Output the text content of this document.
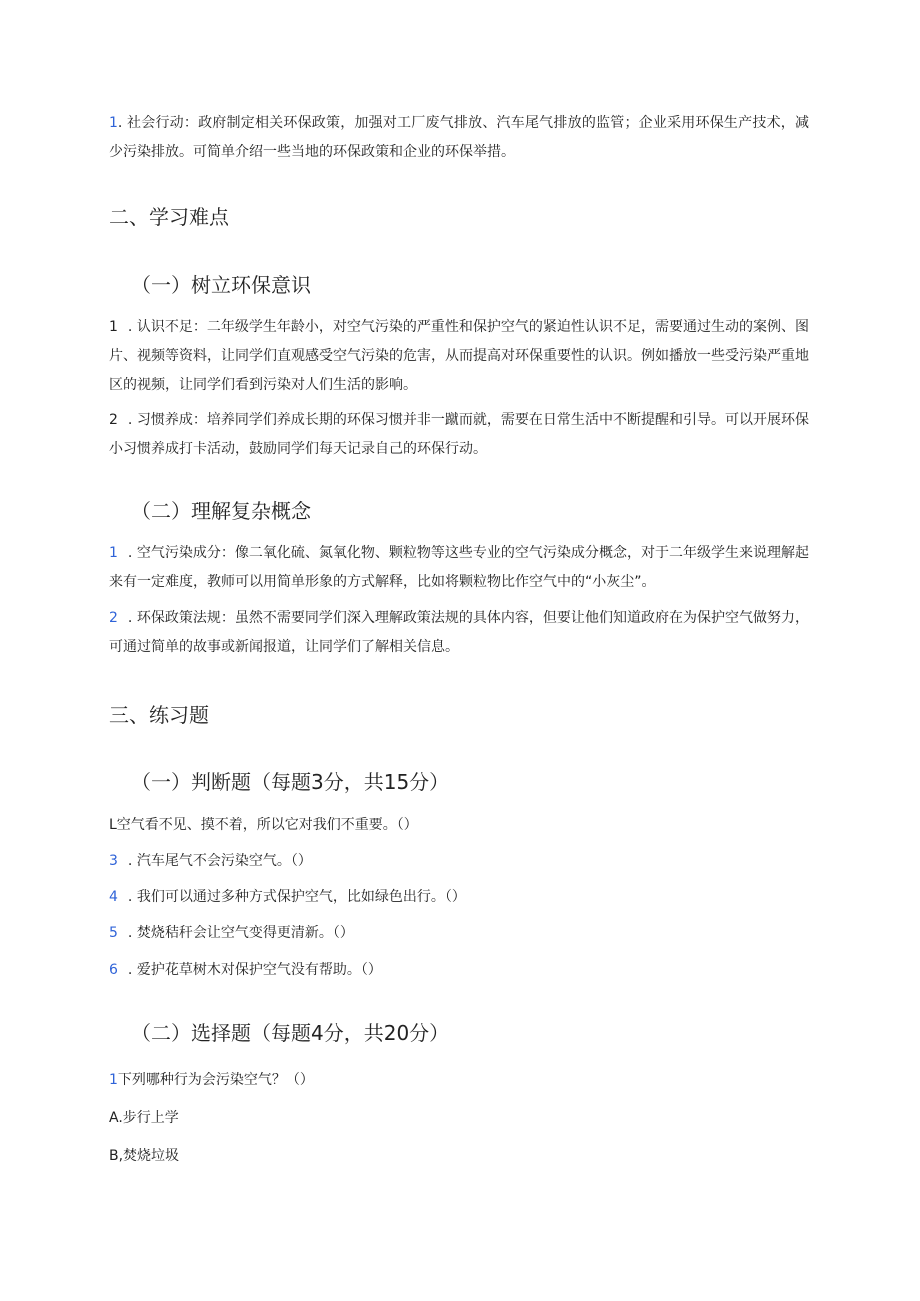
1. 社会行动：政府制定相关环保政策，加强对工厂废气排放、汽车尾气排放的监管；企业采用环保生产技术，减少污染排放。可简单介绍一些当地的环保政策和企业的环保举措。
二、学习难点
（一）树立环保意识
1 . 认识不足：二年级学生年龄小，对空气污染的严重性和保护空气的紧迫性认识不足，需要通过生动的案例、图片、视频等资料，让同学们直观感受空气污染的危害，从而提高对环保重要性的认识。例如播放一些受污染严重地区的视频，让同学们看到污染对人们生活的影响。
2 . 习惯养成：培养同学们养成长期的环保习惯并非一蹴而就，需要在日常生活中不断提醒和引导。可以开展环保小习惯养成打卡活动，鼓励同学们每天记录自己的环保行动。
（二）理解复杂概念
1 . 空气污染成分：像二氧化硫、氮氧化物、颗粒物等这些专业的空气污染成分概念，对于二年级学生来说理解起来有一定难度，教师可以用简单形象的方式解释，比如将颗粒物比作空气中的“小灰尘”。
2 . 环保政策法规：虽然不需要同学们深入理解政策法规的具体内容，但要让他们知道政府在为保护空气做努力，可通过简单的故事或新闻报道，让同学们了解相关信息。
三、练习题
（一）判断题（每题3分，共15分）
L空气看不见、摸不着，所以它对我们不重要。（）
3 . 汽车尾气不会污染空气。（）
4 . 我们可以通过多种方式保护空气，比如绿色出行。（）
5 . 焚烧秸秆会让空气变得更清新。（）
6 . 爱护花草树木对保护空气没有帮助。（）
（二）选择题（每题4分，共20分）
1下列哪种行为会污染空气？（）
A.步行上学
B,焚烧垃圾
